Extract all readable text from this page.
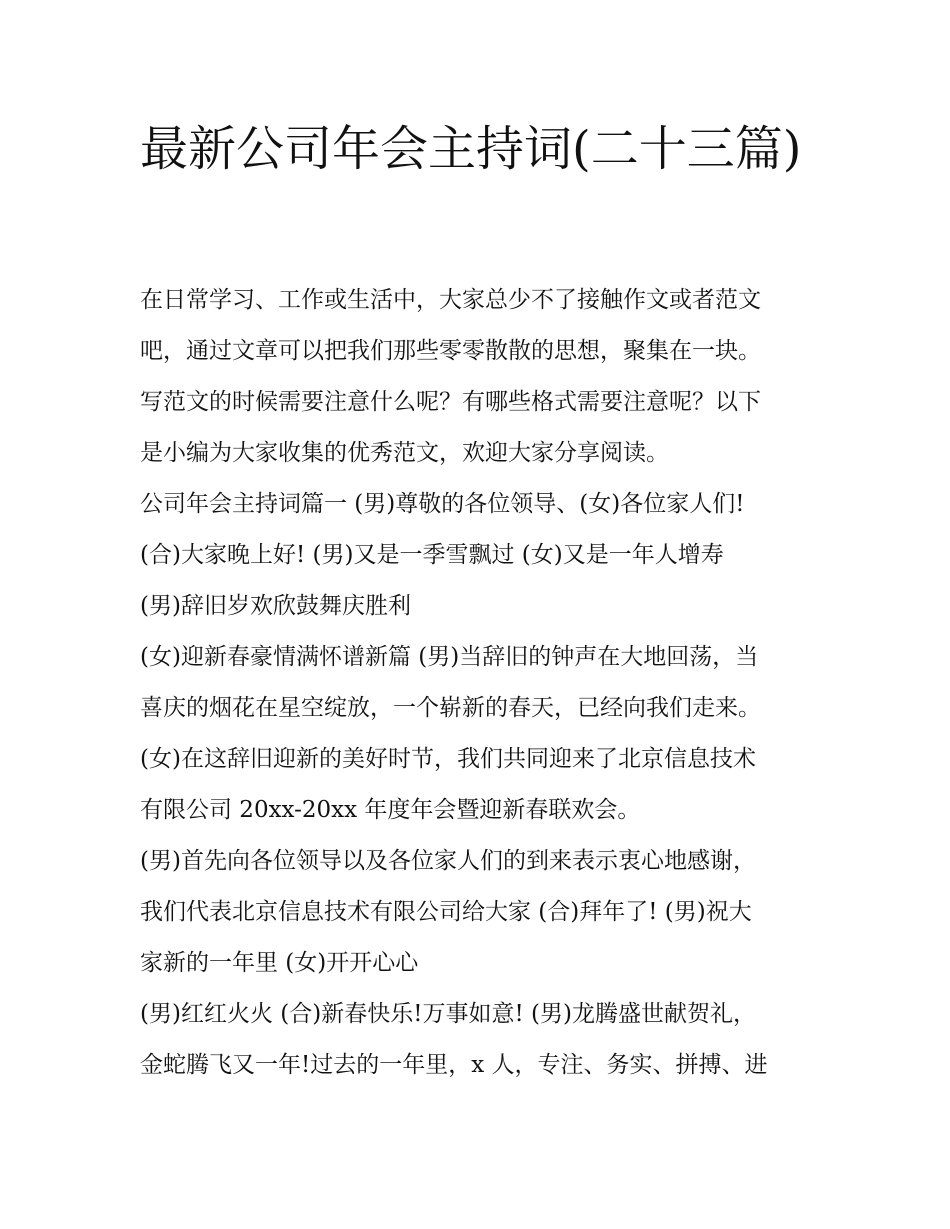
最新公司年会主持词(二十三篇)
在日常学习、工作或生活中，大家总少不了接触作文或者范文
吧，通过文章可以把我们那些零零散散的思想，聚集在一块。
写范文的时候需要注意什么呢？有哪些格式需要注意呢？以下
是小编为大家收集的优秀范文，欢迎大家分享阅读。
公司年会主持词篇一 (男)尊敬的各位领导、(女)各位家人们!
(合)大家晚上好! (男)又是一季雪飘过 (女)又是一年人增寿
(男)辞旧岁欢欣鼓舞庆胜利
(女)迎新春豪情满怀谱新篇 (男)当辞旧的钟声在大地回荡，当
喜庆的烟花在星空绽放，一个崭新的春天，已经向我们走来。
(女)在这辞旧迎新的美好时节，我们共同迎来了北京信息技术
有限公司 20xx-20xx 年度年会暨迎新春联欢会。
(男)首先向各位领导以及各位家人们的到来表示衷心地感谢，
我们代表北京信息技术有限公司给大家 (合)拜年了! (男)祝大
家新的一年里 (女)开开心心
(男)红红火火 (合)新春快乐!万事如意! (男)龙腾盛世献贺礼，
金蛇腾飞又一年!过去的一年里，x 人，专注、务实、拼搏、进
